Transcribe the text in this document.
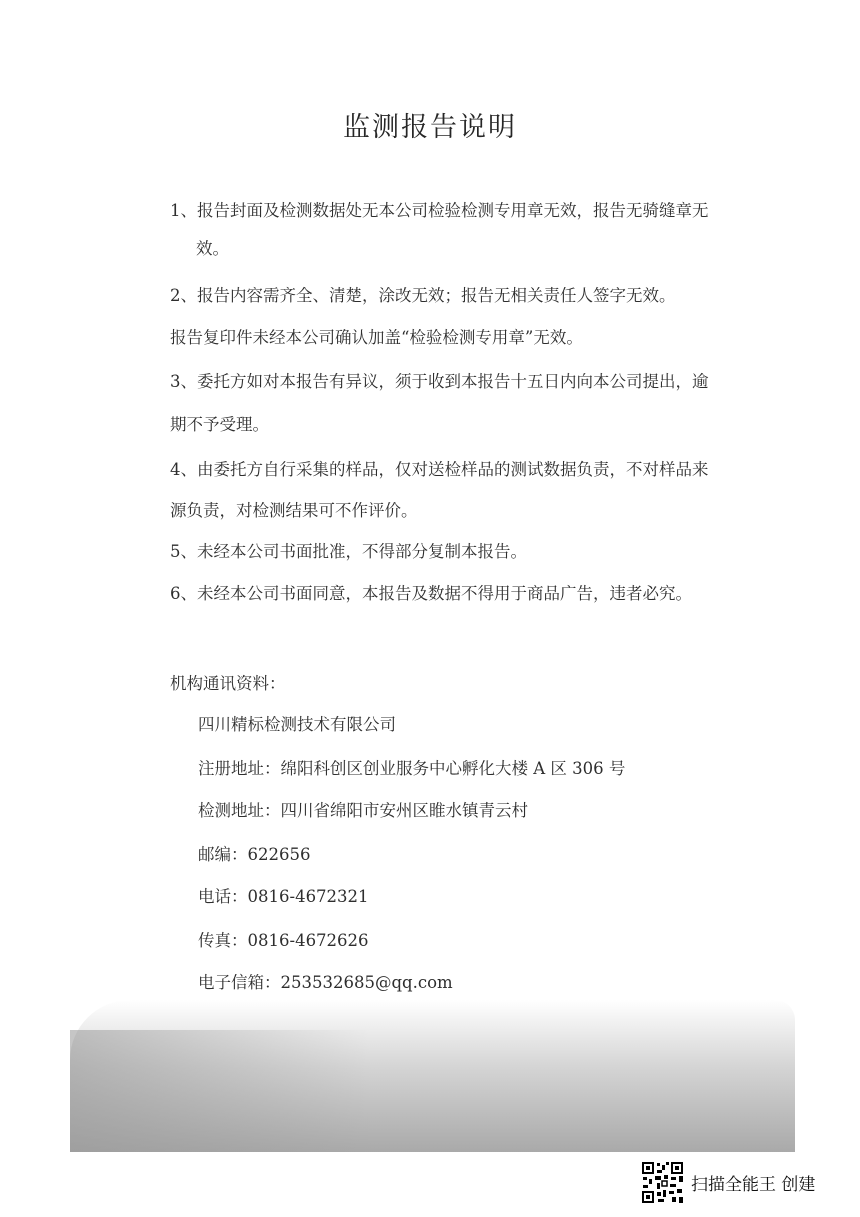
监测报告说明

1、报告封面及检测数据处无本公司检验检测专用章无效，报告无骑缝章无

效。

2、报告内容需齐全、清楚，涂改无效；报告无相关责任人签字无效。

报告复印件未经本公司确认加盖“检验检测专用章”无效。

3、委托方如对本报告有异议，须于收到本报告十五日内向本公司提出，逾

期不予受理。

4、由委托方自行采集的样品，仅对送检样品的测试数据负责，不对样品来

源负责，对检测结果可不作评价。

5、未经本公司书面批准，不得部分复制本报告。

6、未经本公司书面同意，本报告及数据不得用于商品广告，违者必究。

机构通讯资料：

四川精标检测技术有限公司

注册地址：绵阳科创区创业服务中心孵化大楼 A 区 306 号

检测地址：四川省绵阳市安州区睢水镇青云村

邮编：622656

电话：0816-4672321

传真：0816-4672626

电子信箱：253532685@qq.com

扫描全能王 创建
